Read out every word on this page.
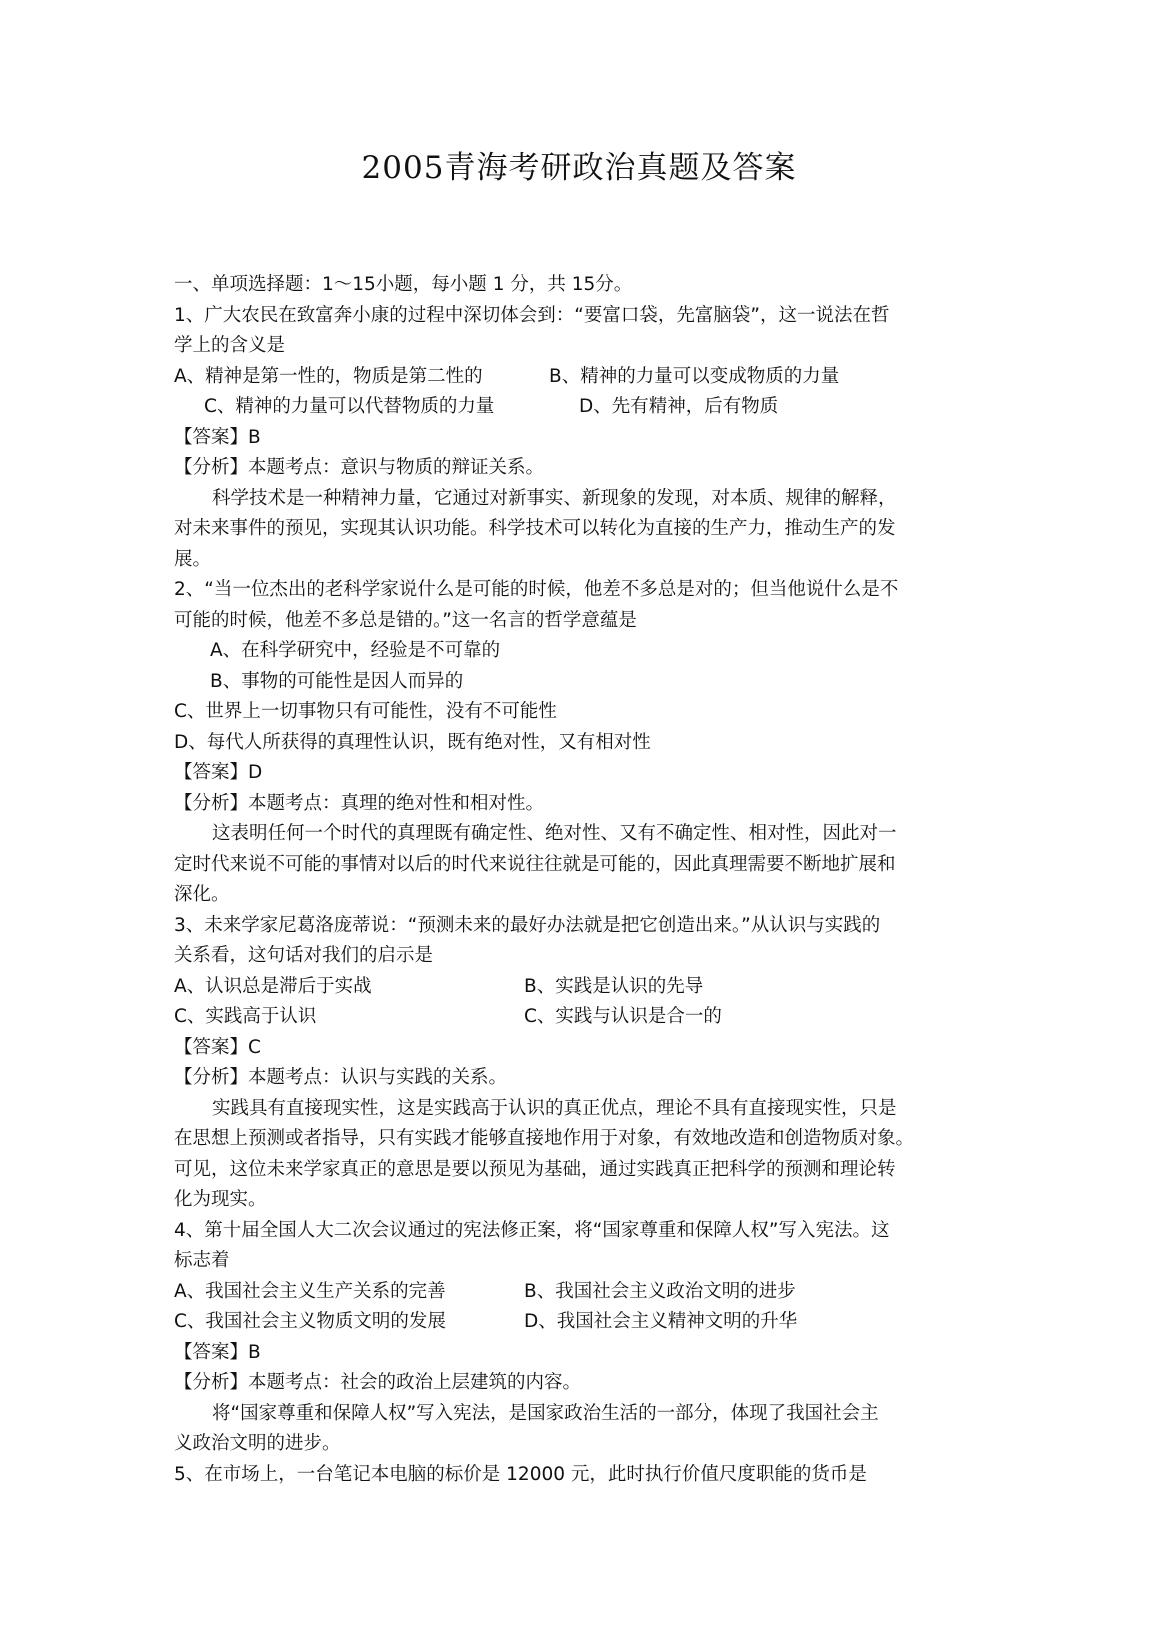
2005青海考研政治真题及答案
一、单项选择题：1～15小题，每小题 1 分，共 15分。
1、广大农民在致富奔小康的过程中深切体会到：“要富口袋，先富脑袋”，这一说法在哲
学上的含义是
A、精神是第一性的，物质是第二性的	B、精神的力量可以变成物质的力量
C、精神的力量可以代替物质的力量	D、先有精神，后有物质
【答案】B
【分析】本题考点：意识与物质的辩证关系。
科学技术是一种精神力量，它通过对新事实、新现象的发现，对本质、规律的解释，
对未来事件的预见，实现其认识功能。科学技术可以转化为直接的生产力，推动生产的发
展。
2、“当一位杰出的老科学家说什么是可能的时候，他差不多总是对的；但当他说什么是不
可能的时候，他差不多总是错的。”这一名言的哲学意蕴是
A、在科学研究中，经验是不可靠的
B、事物的可能性是因人而异的
C、世界上一切事物只有可能性，没有不可能性
D、每代人所获得的真理性认识，既有绝对性，又有相对性
【答案】D
【分析】本题考点：真理的绝对性和相对性。
这表明任何一个时代的真理既有确定性、绝对性、又有不确定性、相对性，因此对一
定时代来说不可能的事情对以后的时代来说往往就是可能的，因此真理需要不断地扩展和
深化。
3、未来学家尼葛洛庞蒂说：“预测未来的最好办法就是把它创造出来。”从认识与实践的
关系看，这句话对我们的启示是
A、认识总是滞后于实战	B、实践是认识的先导
C、实践高于认识	C、实践与认识是合一的
【答案】C
【分析】本题考点：认识与实践的关系。
实践具有直接现实性，这是实践高于认识的真正优点，理论不具有直接现实性，只是
在思想上预测或者指导，只有实践才能够直接地作用于对象，有效地改造和创造物质对象。
可见，这位未来学家真正的意思是要以预见为基础，通过实践真正把科学的预测和理论转
化为现实。
4、第十届全国人大二次会议通过的宪法修正案，将“国家尊重和保障人权”写入宪法。这
标志着
A、我国社会主义生产关系的完善	B、我国社会主义政治文明的进步
C、我国社会主义物质文明的发展	D、我国社会主义精神文明的升华
【答案】B
【分析】本题考点：社会的政治上层建筑的内容。
将“国家尊重和保障人权”写入宪法，是国家政治生活的一部分，体现了我国社会主
义政治文明的进步。
5、在市场上，一台笔记本电脑的标价是 12000 元，此时执行价值尺度职能的货币是
